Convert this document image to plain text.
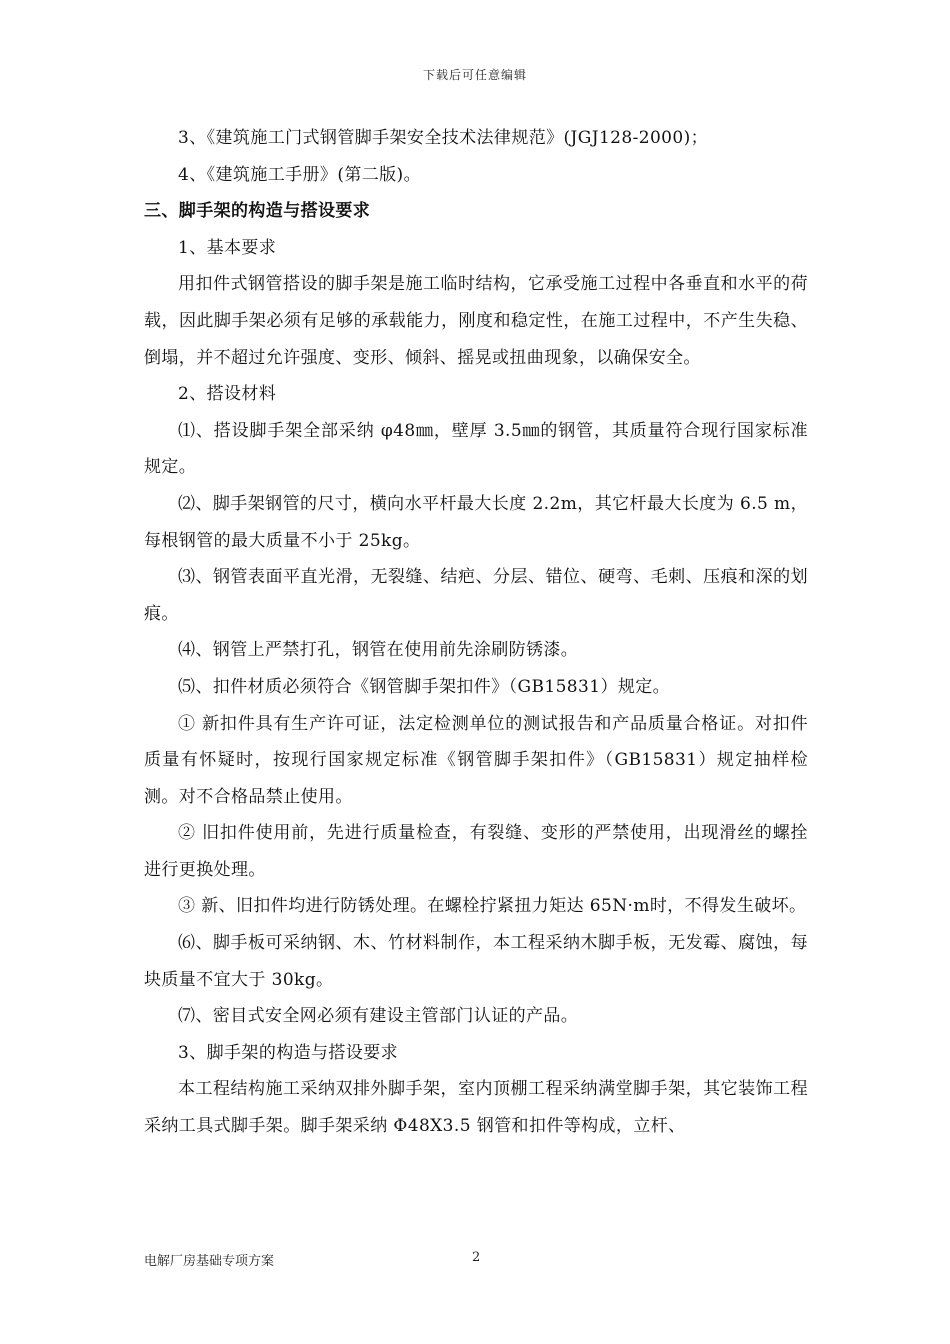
下载后可任意编辑

3、《建筑施工门式钢管脚手架安全技术法律规范》(JGJ128-2000)；

4、《建筑施工手册》(第二版)。

三、脚手架的构造与搭设要求

1、基本要求

用扣件式钢管搭设的脚手架是施工临时结构，它承受施工过程中各垂直和水平的荷载，因此脚手架必须有足够的承载能力，刚度和稳定性，在施工过程中，不产生失稳、倒塌，并不超过允许强度、变形、倾斜、摇晃或扭曲现象，以确保安全。

2、搭设材料

⑴、搭设脚手架全部采纳 φ48㎜，壁厚 3.5㎜的钢管，其质量符合现行国家标准规定。

⑵、脚手架钢管的尺寸，横向水平杆最大长度 2.2m，其它杆最大长度为 6.5 m，每根钢管的最大质量不小于 25kg。

⑶、钢管表面平直光滑，无裂缝、结疤、分层、错位、硬弯、毛刺、压痕和深的划痕。

⑷、钢管上严禁打孔，钢管在使用前先涂刷防锈漆。

⑸、扣件材质必须符合《钢管脚手架扣件》（GB15831）规定。

① 新扣件具有生产许可证，法定检测单位的测试报告和产品质量合格证。对扣件质量有怀疑时，按现行国家规定标准《钢管脚手架扣件》（GB15831）规定抽样检测。对不合格品禁止使用。

② 旧扣件使用前，先进行质量检查，有裂缝、变形的严禁使用，出现滑丝的螺拴进行更换处理。

③ 新、旧扣件均进行防锈处理。在螺栓拧紧扭力矩达 65N·m时，不得发生破坏。

⑹、脚手板可采纳钢、木、竹材料制作，本工程采纳木脚手板，无发霉、腐蚀，每块质量不宜大于 30kg。

⑺、密目式安全网必须有建设主管部门认证的产品。

3、脚手架的构造与搭设要求

本工程结构施工采纳双排外脚手架，室内顶棚工程采纳满堂脚手架，其它装饰工程采纳工具式脚手架。脚手架采纳 Φ48X3.5 钢管和扣件等构成，立杆、

电解厂房基础专项方案	2
